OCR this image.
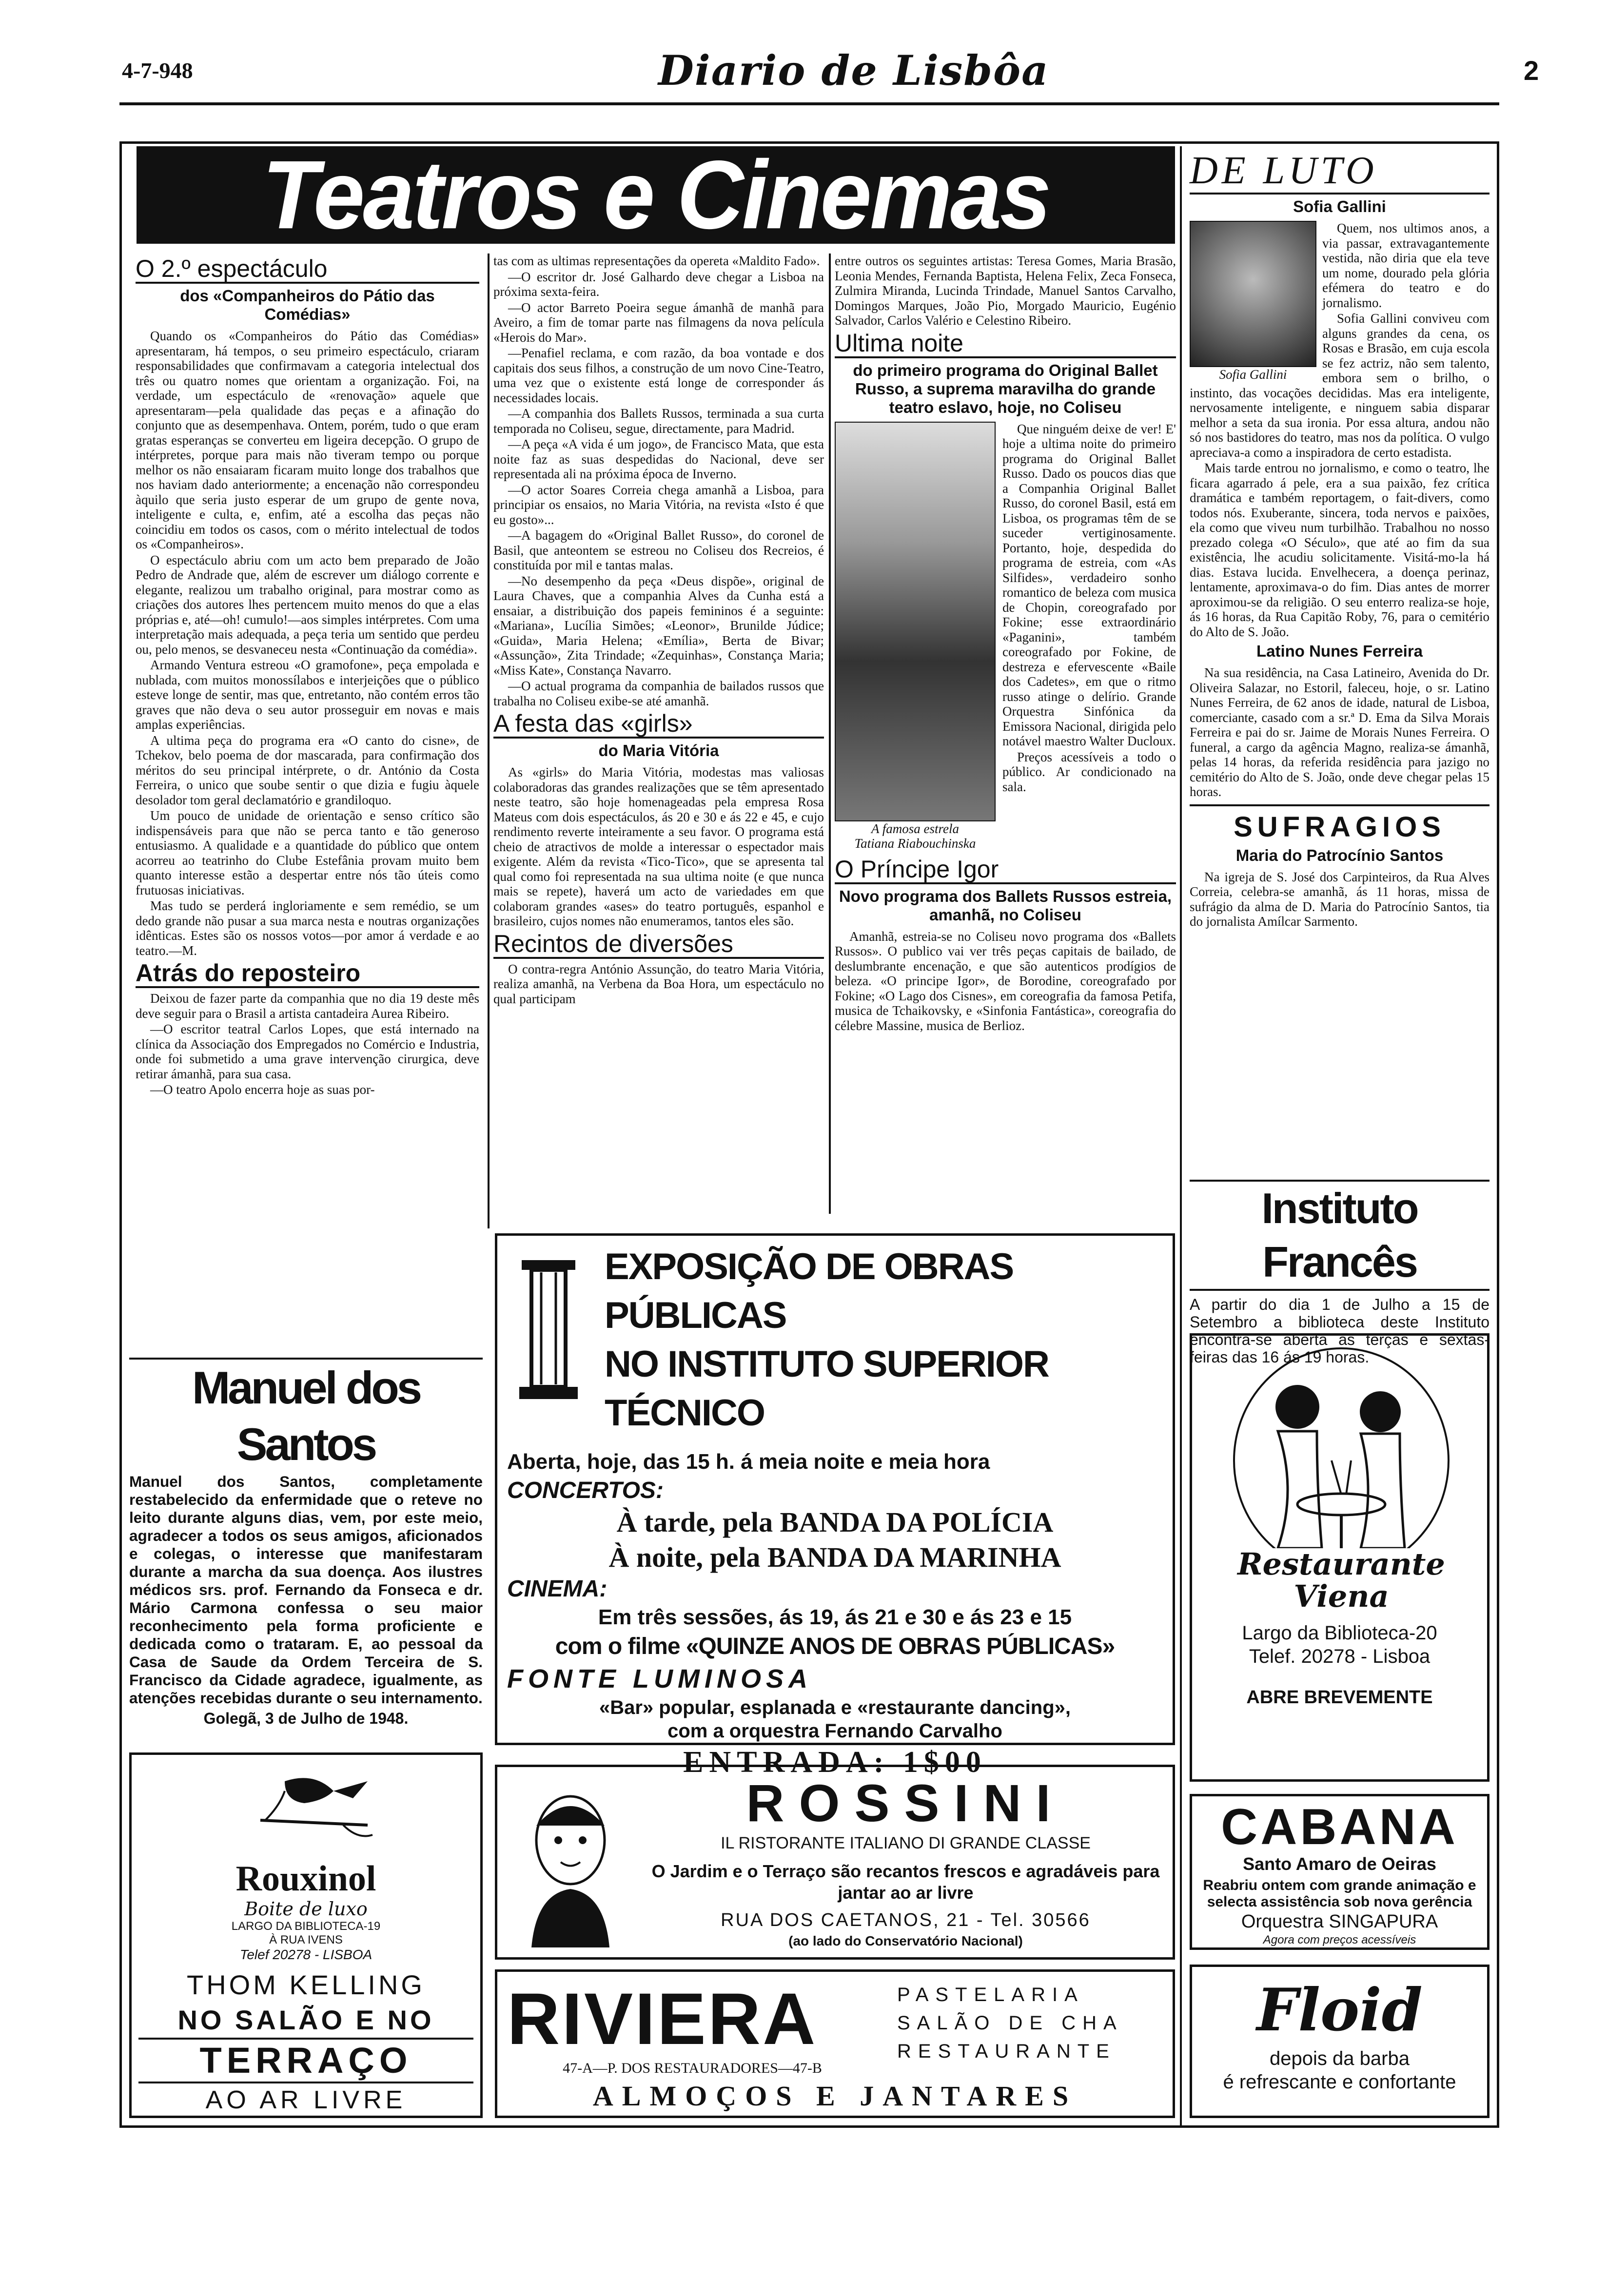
4-7-948	Diario de Lisbôa	2
Teatros e Cinemas
O 2.º espectáculo
dos «Companheiros do Pátio das Comédias»

Quando os «Companheiros do Pátio das Comédias» apresentaram, há tempos, o seu primeiro espectáculo, criaram responsabilidades que confirmavam a categoria intelectual dos três ou quatro nomes que orientam a organização. Foi, na verdade, um espectáculo de «renovação» aquele que apresentaram—pela qualidade das peças e a afinação do conjunto que as desempenhava. Ontem, porém, tudo o que eram gratas esperanças se converteu em ligeira decepção. O grupo de intérpretes, porque para mais não tiveram tempo ou porque melhor os não ensaiaram ficaram muito longe dos trabalhos que nos haviam dado anteriormente; a encenação não correspondeu àquilo que seria justo esperar de um grupo de gente nova, inteligente e culta, e, enfim, até a escolha das peças não coincidiu em todos os casos, com o mérito intelectual de todos os «Companheiros».

O espectáculo abriu com um acto bem preparado de João Pedro de Andrade que, além de escrever um diálogo corrente e elegante, realizou um trabalho original, para mostrar como as criações dos autores lhes pertencem muito menos do que a elas próprias e, até—oh! cumulo!—aos simples intérpretes. Com uma interpretação mais adequada, a peça teria um sentido que perdeu ou, pelo menos, se desvaneceu nesta «Continuação da comédia».

Armando Ventura estreou «O gramofone», peça empolada e nublada, com muitos monossílabos e interjeições que o público esteve longe de sentir, mas que, entretanto, não contém erros tão graves que não deva o seu autor prosseguir em novas e mais amplas experiências.

A ultima peça do programa era «O canto do cisne», de Tchekov, belo poema de dor mascarada, para confirmação dos méritos do seu principal intérprete, o dr. António da Costa Ferreira, o unico que soube sentir o que dizia e fugiu àquele desolador tom geral declamatório e grandiloquo.

Um pouco de unidade de orientação e senso crítico são indispensáveis para que não se perca tanto e tão generoso entusiasmo. A qualidade e a quantidade do público que ontem acorreu ao teatrinho do Clube Estefânia provam muito bem quanto interesse estão a despertar entre nós tão úteis como frutuosas iniciativas.

Mas tudo se perderá ingloriamente e sem remédio, se um dedo grande não pusar a sua marca nesta e noutras organizações idênticas. Estes são os nossos votos—por amor á verdade e ao teatro.—M.

Atrás do reposteiro

Deixou de fazer parte da companhia que no dia 19 deste mês deve seguir para o Brasil a artista cantadeira Aurea Ribeiro.

—O escritor teatral Carlos Lopes, que está internado na clínica da Associação dos Empregados no Comércio e Industria, onde foi submetido a uma grave intervenção cirurgica, deve retirar ámanhã, para sua casa.

—O teatro Apolo encerra hoje as suas por-

tas com as ultimas representações da opereta «Maldito Fado».

—O escritor dr. José Galhardo deve chegar a Lisboa na próxima sexta-feira.

—O actor Barreto Poeira segue ámanhã de manhã para Aveiro, a fim de tomar parte nas filmagens da nova película «Herois do Mar».

—Penafiel reclama, e com razão, da boa vontade e dos capitais dos seus filhos, a construção de um novo Cine-Teatro, uma vez que o existente está longe de corresponder ás necessidades locais.

—A companhia dos Ballets Russos, terminada a sua curta temporada no Coliseu, segue, directamente, para Madrid.

—A peça «A vida é um jogo», de Francisco Mata, que esta noite faz as suas despedidas do Nacional, deve ser representada ali na próxima época de Inverno.

—O actor Soares Correia chega amanhã a Lisboa, para principiar os ensaios, no Maria Vitória, na revista «Isto é que eu gosto»...

—A bagagem do «Original Ballet Russo», do coronel de Basil, que anteontem se estreou no Coliseu dos Recreios, é constituída por mil e tantas malas.

—No desempenho da peça «Deus dispõe», original de Laura Chaves, que a companhia Alves da Cunha está a ensaiar, a distribuição dos papeis femininos é a seguinte: «Mariana», Lucília Simões; «Leonor», Brunilde Júdice; «Guida», Maria Helena; «Emília», Berta de Bivar; «Assunção», Zita Trindade; «Zequinhas», Constança Maria; «Miss Kate», Constança Navarro.

—O actual programa da companhia de bailados russos que trabalha no Coliseu exibe-se até amanhã.

A festa das «girls»
do Maria Vitória

As «girls» do Maria Vitória, modestas mas valiosas colaboradoras das grandes realizações que se têm apresentado neste teatro, são hoje homenageadas pela empresa Rosa Mateus com dois espectáculos, ás 20 e 30 e ás 22 e 45, e cujo rendimento reverte inteiramente a seu favor. O programa está cheio de atractivos de molde a interessar o espectador mais exigente. Além da revista «Tico-Tico», que se apresenta tal qual como foi representada na sua ultima noite (e que nunca mais se repete), haverá um acto de variedades em que colaboram grandes «ases» do teatro português, espanhol e brasileiro, cujos nomes não enumeramos, tantos eles são.

Recintos de diversões

O contra-regra António Assunção, do teatro Maria Vitória, realiza amanhã, na Verbena da Boa Hora, um espectáculo no qual participam

entre outros os seguintes artistas: Teresa Gomes, Maria Brasão, Leonia Mendes, Fernanda Baptista, Helena Felix, Zeca Fonseca, Zulmira Miranda, Lucinda Trindade, Manuel Santos Carvalho, Domingos Marques, João Pio, Morgado Mauricio, Eugénio Salvador, Carlos Valério e Celestino Ribeiro.

Ultima noite
do primeiro programa do Original Ballet Russo, a suprema maravilha do grande teatro eslavo, hoje, no Coliseu
A famosa estrela
Tatiana Riabouchinska

Que ninguém deixe de ver! E' hoje a ultima noite do primeiro programa do Original Ballet Russo. Dado os poucos dias que a Companhia Original Ballet Russo, do coronel Basil, está em Lisboa, os programas têm de se suceder vertiginosamente. Portanto, hoje, despedida do programa de estreia, com «As Silfides», verdadeiro sonho romantico de beleza com musica de Chopin, coreografado por Fokine; esse extraordinário «Paganini», também coreografado por Fokine, de destreza e efervescente «Baile dos Cadetes», em que o ritmo russo atinge o delírio. Grande Orquestra Sinfónica da Emissora Nacional, dirigida pelo notável maestro Walter Ducloux.

Preços acessíveis a todo o público. Ar condicionado na sala.

O Príncipe Igor
Novo programa dos Ballets Russos estreia, amanhã, no Coliseu

Amanhã, estreia-se no Coliseu novo programa dos «Ballets Russos». O publico vai ver três peças capitais de bailado, de deslumbrante encenação, e que são autenticos prodígios de beleza. «O principe Igor», de Borodine, coreografado por Fokine; «O Lago dos Cisnes», em coreografia da famosa Petifa, musica de Tchaikovsky, e «Sinfonia Fantástica», coreografia do célebre Massine, musica de Berlioz.

DE LUTO
Sofia Gallini
Sofia Gallini

Quem, nos ultimos anos, a via passar, extravagantemente vestida, não diria que ela teve um nome, dourado pela glória efémera do teatro e do jornalismo.

Sofia Gallini conviveu com alguns grandes da cena, os Rosas e Brasão, em cuja escola se fez actriz, não sem talento, embora sem o brilho, o instinto, das vocações decididas. Mas era inteligente, nervosamente inteligente, e ninguem sabia disparar melhor a seta da sua ironia. Por essa altura, andou não só nos bastidores do teatro, mas nos da política. O vulgo apreciava-a como a inspiradora de certo estadista.

Mais tarde entrou no jornalismo, e como o teatro, lhe ficara agarrado á pele, era a sua paixão, fez crítica dramática e também reportagem, o fait-divers, como todos nós. Exuberante, sincera, toda nervos e paixões, ela como que viveu num turbilhão. Trabalhou no nosso prezado colega «O Século», que até ao fim da sua existência, lhe acudiu solicitamente. Visitá-mo-la há dias. Estava lucida. Envelhecera, a doença perinaz, lentamente, aproximava-o do fim. Dias antes de morrer aproximou-se da religião. O seu enterro realiza-se hoje, ás 16 horas, da Rua Capitão Roby, 76, para o cemitério do Alto de S. João.

Latino Nunes Ferreira

Na sua residência, na Casa Latineiro, Avenida do Dr. Oliveira Salazar, no Estoril, faleceu, hoje, o sr. Latino Nunes Ferreira, de 62 anos de idade, natural de Lisboa, comerciante, casado com a sr.ª D. Ema da Silva Morais Ferreira e pai do sr. Jaime de Morais Nunes Ferreira. O funeral, a cargo da agência Magno, realiza-se ámanhã, pelas 14 horas, da referida residência para jazigo no cemitério do Alto de S. João, onde deve chegar pelas 15 horas.

SUFRAGIOS
Maria do Patrocínio Santos

Na igreja de S. José dos Carpinteiros, da Rua Alves Correia, celebra-se amanhã, ás 11 horas, missa de sufrágio da alma de D. Maria do Patrocínio Santos, tia do jornalista Amílcar Sarmento.

Instituto Francês
A partir do dia 1 de Julho a 15 de Setembro a biblioteca deste Instituto encontra-se aberta ás terças e sextas-feiras das 16 ás 19 horas.
Manuel dos Santos
Manuel dos Santos, completamente restabelecido da enfermidade que o reteve no leito durante alguns dias, vem, por este meio, agradecer a todos os seus amigos, aficionados e colegas, o interesse que manifestaram durante a marcha da sua doença. Aos ilustres médicos srs. prof. Fernando da Fonseca e dr. Mário Carmona confessa o seu maior reconhecimento pela forma proficiente e dedicada como o trataram. E, ao pessoal da Casa de Saude da Ordem Terceira de S. Francisco da Cidade agradece, igualmente, as atenções recebidas durante o seu internamento.
Golegã, 3 de Julho de 1948.
EXPOSIÇÃO DE OBRAS PÚBLICAS
NO INSTITUTO SUPERIOR TÉCNICO
Aberta, hoje, das 15 h. á meia noite e meia hora
CONCERTOS:
À tarde, pela BANDA DA POLÍCIA
À noite, pela BANDA DA MARINHA
CINEMA:
Em três sessões, ás 19, ás 21 e 30 e ás 23 e 15
com o filme «QUINZE ANOS DE OBRAS PÚBLICAS»
FONTE LUMINOSA
«Bar» popular, esplanada e «restaurante dancing»,
com a orquestra Fernando Carvalho
ENTRADA: 1$00
Restaurante Viena
Largo da Biblioteca-20
Telef. 20278 - Lisboa
ABRE BREVEMENTE
Rouxinol
Boite de luxo
LARGO DA BIBLIOTECA-19
À RUA IVENS
Telef 20278 - LISBOA
THOM KELLING
NO SALÃO E NO
TERRAÇO
AO AR LIVRE
ROSSINI
IL RISTORANTE ITALIANO DI GRANDE CLASSE
O Jardim e o Terraço são recantos frescos e agradáveis para jantar ao ar livre
RUA DOS CAETANOS, 21 - Tel. 30566
(ao lado do Conservatório Nacional)
CABANA
Santo Amaro de Oeiras
Reabriu ontem com grande animação e selecta assistência sob nova gerência
Orquestra SINGAPURA
Agora com preços acessíveis
RIVIERA	PASTELARIA
SALÃO DE CHA
RESTAURANTE
47-A—P. DOS RESTAURADORES—47-B
ALMOÇOS E JANTARES
Floid
depois da barba
é refrescante e confortante
